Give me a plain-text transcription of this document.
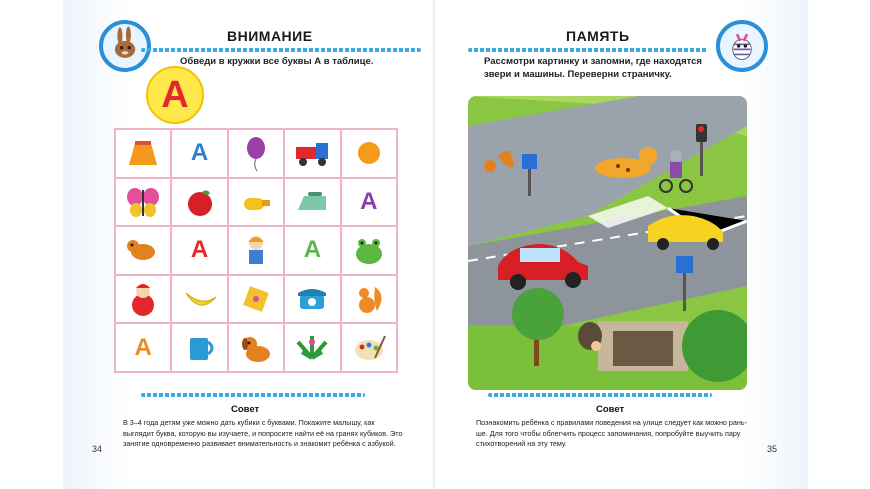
ВНИМАНИЕ
Обведи в кружки все буквы А в таблице.
А
А
А
А	А
А
Совет
В 3–4 года детям уже можно дать кубики с буквами. Покажите малышу, как
выглядит буква, которую вы изучаете, и попросите найти её на гранях кубиков. Это
занятие одновременно развивает внимательность и знакомит ребёнка с азбукой.
34
ПАМЯТЬ
Рассмотри картинку и запомни, где находятся
звери и машины. Переверни страничку.
Совет
Познакомить ребёнка с правилами поведения на улице следует как можно рань-
ше. Для того чтобы облегчить процесс запоминания, попробуйте выучить пару
стихотворений на эту тему.
35
